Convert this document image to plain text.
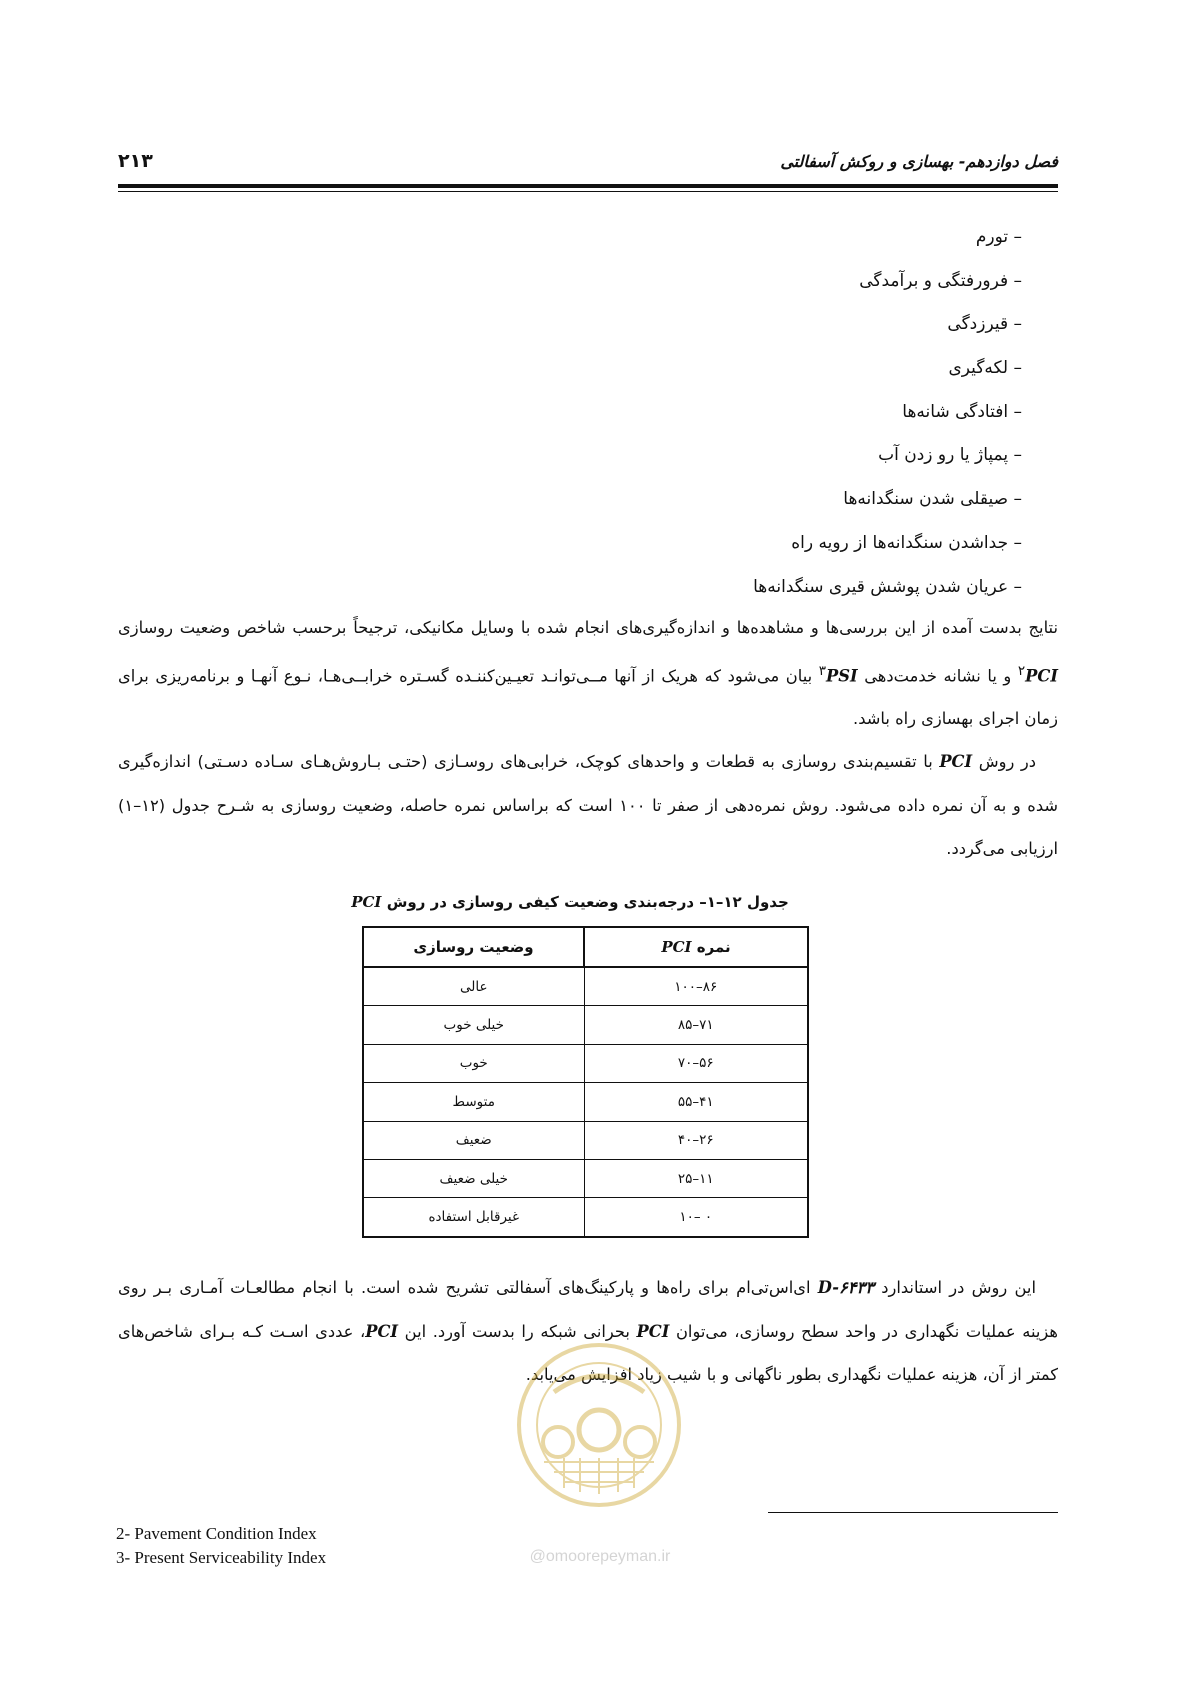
فصل دوازدهم- بهسازی و روکش آسفالتی
۲۱۳
– تورم
– فرورفتگی و برآمدگی
– قیرزدگی
– لکه‌گیری
– افتادگی شانه‌ها
– پمپاژ یا رو زدن آب
– صیقلی شدن سنگدانه‌ها
– جداشدن سنگدانه‌ها از رویه راه
– عریان شدن پوشش قیری سنگدانه‌ها

نتایج بدست آمده از این بررسی‌ها و مشاهده‌ها و اندازه‌گیری‌های انجام شده با وسایل مکانیکی، ترجیحاً برحسب شاخص وضعیت روسازی PCI$^۲$ و یا نشانه خدمت‌دهی PSI$^۳$ بیان می‌شود که هریک از آنها مــی‌توانـد تعیـین‌کننـده گسـتره خرابــی‌هـا، نـوع آنهـا و برنامه‌ریزی برای زمان اجرای بهسازی راه باشد.

در روش PCI با تقسیم‌بندی روسازی به قطعات و واحدهای کوچک، خرابی‌های روسـازی (حتـی بـاروش‌هـای سـاده دسـتی) اندازه‌گیری شده و به آن نمره داده می‌شود. روش نمره‌دهی از صفر تا ۱۰۰ است که براساس نمره حاصله، وضعیت روسازی به شـرح جدول (۱۲–۱) ارزیابی می‌گردد.

جدول ۱۲–۱– درجه‌بندی وضعیت کیفی روسازی در روش PCI
نمره PCI	وضعیت روسازی
۸۶–۱۰۰	عالی
۷۱–۸۵	خیلی خوب
۵۶–۷۰	خوب
۴۱–۵۵	متوسط
۲۶–۴۰	ضعیف
۱۱–۲۵	خیلی ضعیف
۰ –۱۰	غیرقابل استفاده

این روش در استاندارد D-۶۴۳۳ ای‌اس‌تی‌ام برای راه‌ها و پارکینگ‌های آسفالتی تشریح شده است. با انجام مطالعـات آمـاری بـر روی هزینه عملیات نگهداری در واحد سطح روسازی، می‌توان PCI بحرانی شبکه را بدست آورد. این PCI، عددی اسـت کـه بـرای شاخص‌های کمتر از آن، هزینه عملیات نگهداری بطور ناگهانی و با شیب زیاد افزایش می‌یابد.

@omoorepeyman.ir
2- Pavement Condition Index
3- Present Serviceability Index
